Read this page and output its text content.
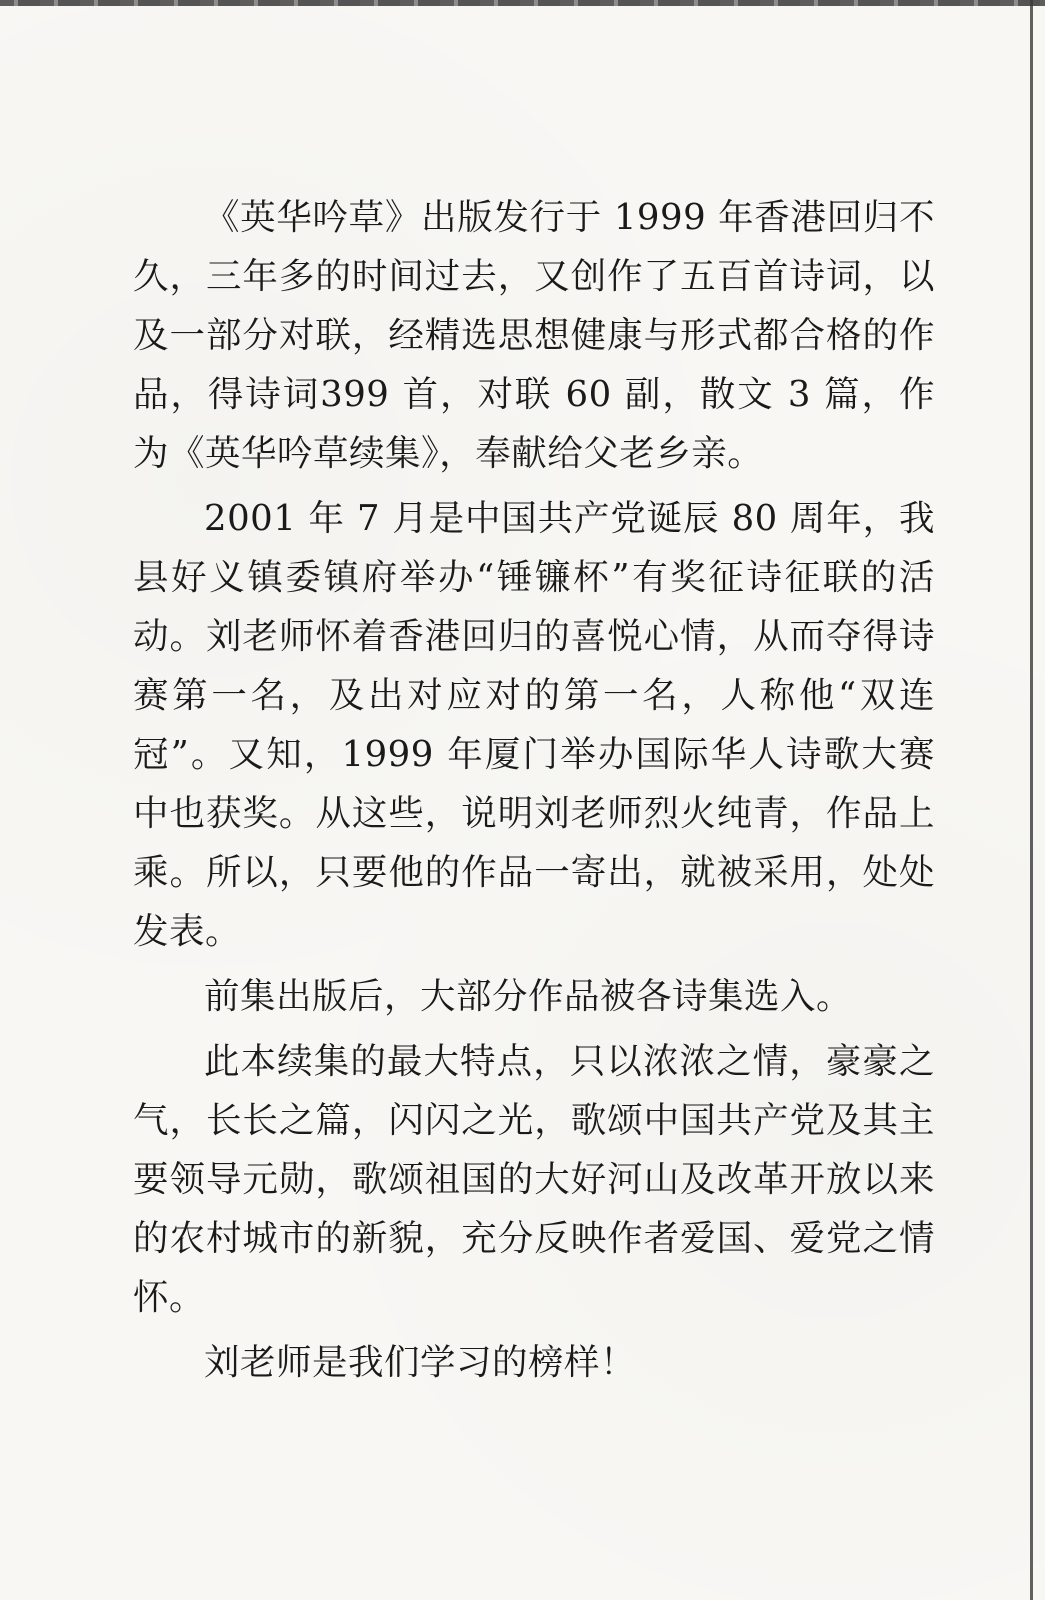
《英华吟草》出版发行于 1999 年香港回归不久，三年多的时间过去，又创作了五百首诗词，以及一部分对联，经精选思想健康与形式都合格的作品，得诗词399 首，对联 60 副，散文 3 篇，作为《英华吟草续集》，奉献给父老乡亲。

2001 年 7 月是中国共产党诞辰 80 周年，我县好义镇委镇府举办“锤镰杯”有奖征诗征联的活动。刘老师怀着香港回归的喜悦心情，从而夺得诗赛第一名，及出对应对的第一名，人称他“双连冠”。又知，1999 年厦门举办国际华人诗歌大赛中也获奖。从这些，说明刘老师烈火纯青，作品上乘。所以，只要他的作品一寄出，就被采用，处处发表。

前集出版后，大部分作品被各诗集选入。

此本续集的最大特点，只以浓浓之情，豪豪之气，长长之篇，闪闪之光，歌颂中国共产党及其主要领导元勋，歌颂祖国的大好河山及改革开放以来的农村城市的新貌，充分反映作者爱国、爱党之情怀。

刘老师是我们学习的榜样！
